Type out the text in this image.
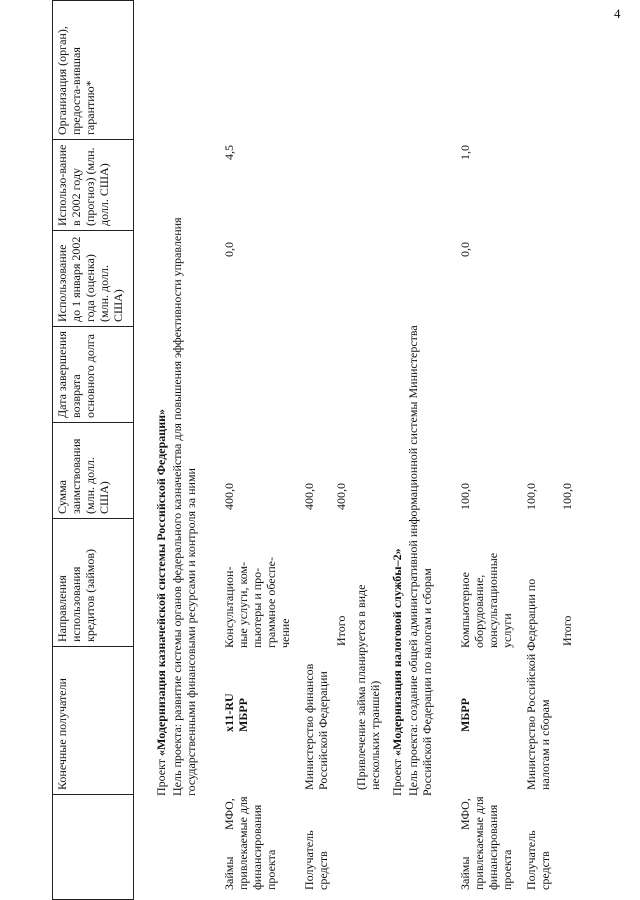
4
Конечные получатели
Направления использования кредитов (займов)
Сумма заимствования (млн. долл. США)
Дата завершения возврата основного долга
Использование до 1 января 2002 года (оценка) (млн. долл. США)
Использо-вание в 2002 году (прогноз) (млн. долл. США)
Организация (орган), предоста-вившая гарантию*
Проект «Модернизация казначейской системы Российской Федерации» Цель проекта: развитие системы органов федерального казначейства для повышения эффективности управления государственными финансовыми ресурсами и контроля за ними
Займы
МФО, привлекаемые для финансирования проекта
x11-RU МБРР
Консультацион-ные услуги, ком-пьютеры и про-граммное обеспе-чение
400,0
0,0
4,5
Получатель средств
Министерство финансов Российской Федерации
400,0
Итого
400,0
(Привлечение займа планируется в виде нескольких траншей) Проект «Модернизация налоговой службы–2» Цель проекта: создание общей административной информационной системы Министерства Российской Федерации по налогам и сборам
Займы
МФО, привлекаемые для финансирования проекта
МБРР
Компьютерное оборудование, консультационные услуги
100,0
0,0
1,0
Получатель средств
Министерство Российской Федерации по налогам и сборам
100,0
Итого
100,0
